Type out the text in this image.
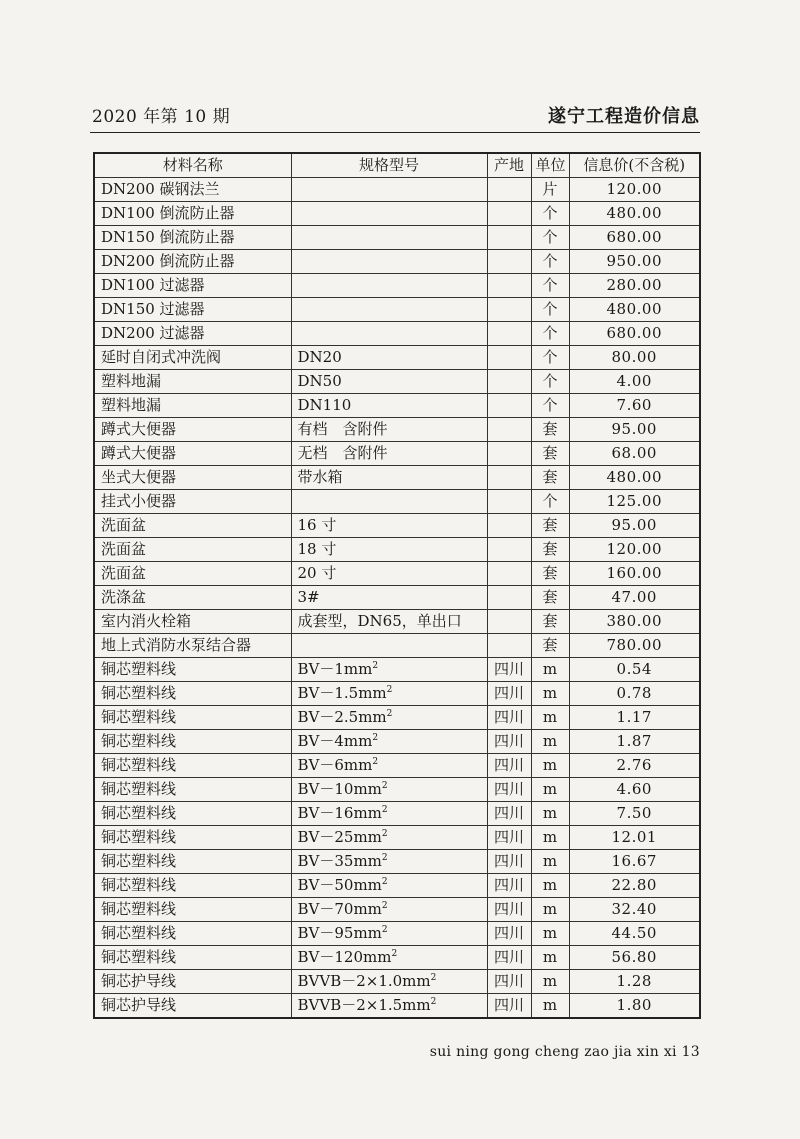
2020 年第 10 期	遂宁工程造价信息
材料名称	规格型号	产地	单位	信息价(不含税)
DN200 碳钢法兰			片	120.00
DN100 倒流防止器			个	480.00
DN150 倒流防止器			个	680.00
DN200 倒流防止器			个	950.00
DN100 过滤器			个	280.00
DN150 过滤器			个	480.00
DN200 过滤器			个	680.00
延时自闭式冲洗阀	DN20		个	80.00
塑料地漏	DN50		个	4.00
塑料地漏	DN110		个	7.60
蹲式大便器	有档　含附件		套	95.00
蹲式大便器	无档　含附件		套	68.00
坐式大便器	带水箱		套	480.00
挂式小便器			个	125.00
洗面盆	16 寸		套	95.00
洗面盆	18 寸		套	120.00
洗面盆	20 寸		套	160.00
洗涤盆	3#		套	47.00
室内消火栓箱	成套型，DN65，单出口		套	380.00
地上式消防水泵结合器			套	780.00
铜芯塑料线	$BV-1mm^2$	四川	m	0.54
铜芯塑料线	$BV-1.5mm^2$	四川	m	0.78
铜芯塑料线	$BV-2.5mm^2$	四川	m	1.17
铜芯塑料线	$BV-4mm^2$	四川	m	1.87
铜芯塑料线	$BV-6mm^2$	四川	m	2.76
铜芯塑料线	$BV-10mm^2$	四川	m	4.60
铜芯塑料线	$BV-16mm^2$	四川	m	7.50
铜芯塑料线	$BV-25mm^2$	四川	m	12.01
铜芯塑料线	$BV-35mm^2$	四川	m	16.67
铜芯塑料线	$BV-50mm^2$	四川	m	22.80
铜芯塑料线	$BV-70mm^2$	四川	m	32.40
铜芯塑料线	$BV-95mm^2$	四川	m	44.50
铜芯塑料线	$BV-120mm^2$	四川	m	56.80
铜芯护导线	$BVVB-2\times 1.0mm^2$	四川	m	1.28
铜芯护导线	$BVVB-2\times 1.5mm^2$	四川	m	1.80
sui ning gong cheng zao jia xin xi 13
